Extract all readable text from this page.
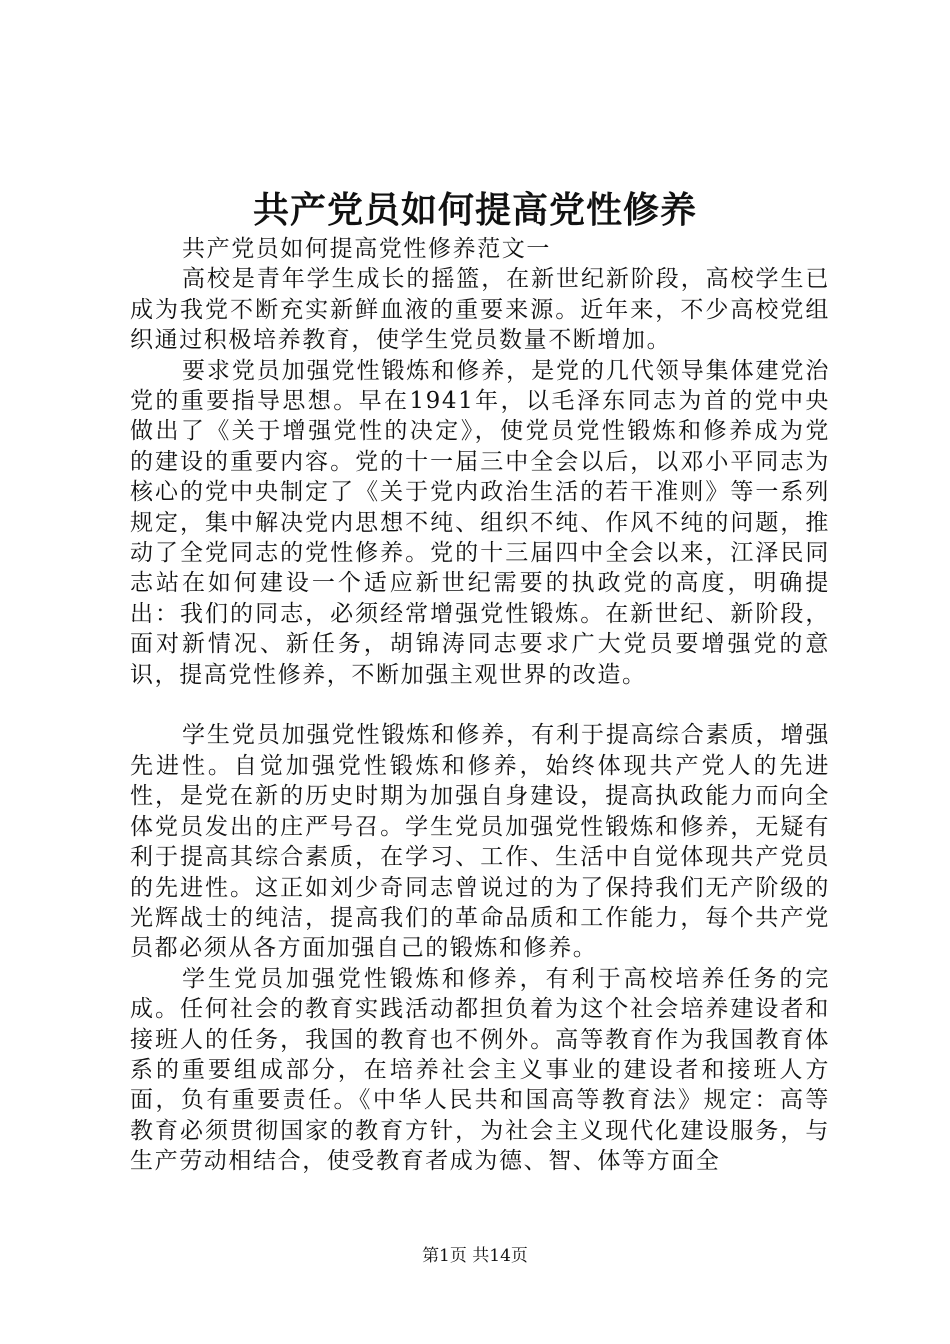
共产党员如何提高党性修养

共产党员如何提高党性修养范文一

高校是青年学生成长的摇篮，在新世纪新阶段，高校学生已成为我党不断充实新鲜血液的重要来源。近年来，不少高校党组织通过积极培养教育，使学生党员数量不断增加。

要求党员加强党性锻炼和修养，是党的几代领导集体建党治党的重要指导思想。早在1941年，以毛泽东同志为首的党中央做出了《关于增强党性的决定》，使党员党性锻炼和修养成为党的建设的重要内容。党的十一届三中全会以后，以邓小平同志为核心的党中央制定了《关于党内政治生活的若干准则》等一系列规定，集中解决党内思想不纯、组织不纯、作风不纯的问题，推动了全党同志的党性修养。党的十三届四中全会以来，江泽民同志站在如何建设一个适应新世纪需要的执政党的高度，明确提出：我们的同志，必须经常增强党性锻炼。在新世纪、新阶段，面对新情况、新任务，胡锦涛同志要求广大党员要增强党的意识，提高党性修养，不断加强主观世界的改造。

学生党员加强党性锻炼和修养，有利于提高综合素质，增强先进性。自觉加强党性锻炼和修养，始终体现共产党人的先进性，是党在新的历史时期为加强自身建设，提高执政能力而向全体党员发出的庄严号召。学生党员加强党性锻炼和修养，无疑有利于提高其综合素质，在学习、工作、生活中自觉体现共产党员的先进性。这正如刘少奇同志曾说过的为了保持我们无产阶级的光辉战士的纯洁，提高我们的革命品质和工作能力，每个共产党员都必须从各方面加强自己的锻炼和修养。

学生党员加强党性锻炼和修养，有利于高校培养任务的完成。任何社会的教育实践活动都担负着为这个社会培养建设者和接班人的任务，我国的教育也不例外。高等教育作为我国教育体系的重要组成部分，在培养社会主义事业的建设者和接班人方面，负有重要责任。《中华人民共和国高等教育法》规定：高等教育必须贯彻国家的教育方针，为社会主义现代化建设服务，与生产劳动相结合，使受教育者成为德、智、体等方面全

第1页 共14页
